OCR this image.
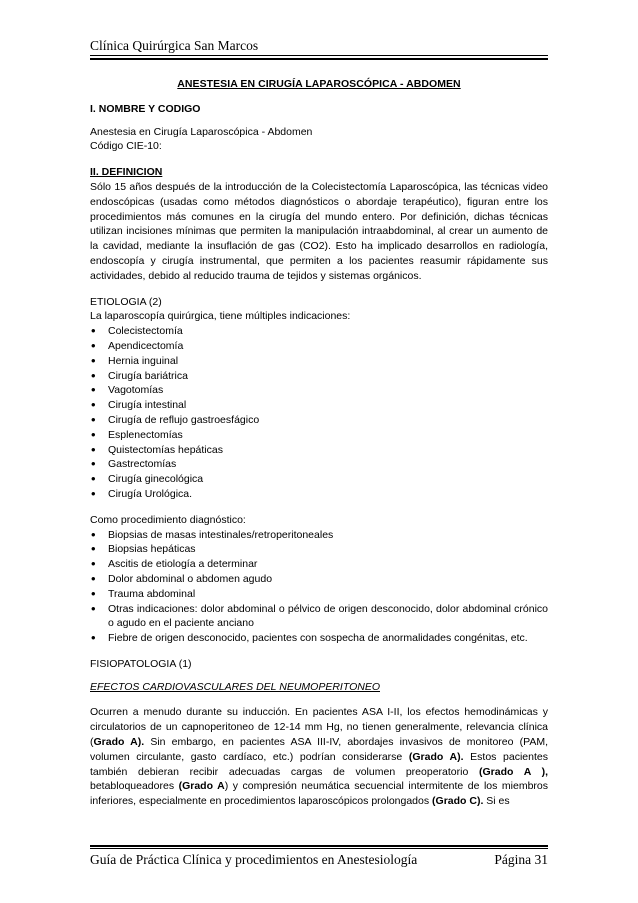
Clínica Quirúrgica San Marcos
ANESTESIA EN CIRUGÍA LAPAROSCÓPICA - ABDOMEN
I. NOMBRE Y CODIGO

Anestesia en Cirugía Laparoscópica - Abdomen

Código CIE-10:

II. DEFINICION

Sólo 15 años después de la introducción de la Colecistectomía Laparoscópica, las técnicas video endoscópicas (usadas como métodos diagnósticos o abordaje terapéutico), figuran entre los procedimientos más comunes en la cirugía del mundo entero. Por definición, dichas técnicas utilizan incisiones mínimas que permiten la manipulación intraabdominal, al crear un aumento de la cavidad, mediante la insuflación de gas (CO2). Esto ha implicado desarrollos en radiología, endoscopía y cirugía instrumental, que permiten a los pacientes reasumir rápidamente sus actividades, debido al reducido trauma de tejidos y sistemas orgánicos.

ETIOLOGIA (2)

La laparoscopía quirúrgica, tiene múltiples indicaciones:

• Colecistectomía
• Apendicectomía
• Hernia inguinal
• Cirugía bariátrica
• Vagotomías
• Cirugía intestinal
• Cirugía de reflujo gastroesfágico
• Esplenectomías
• Quistectomías hepáticas
• Gastrectomías
• Cirugía ginecológica
• Cirugía Urológica.

Como procedimiento diagnóstico:

• Biopsias de masas intestinales/retroperitoneales
• Biopsias hepáticas
• Ascitis de etiología a determinar
• Dolor abdominal o abdomen agudo
• Trauma abdominal
• Otras indicaciones: dolor abdominal o pélvico de origen desconocido, dolor abdominal crónico o agudo en el paciente anciano
• Fiebre de origen desconocido, pacientes con sospecha de anormalidades congénitas, etc.

FISIOPATOLOGIA (1)

EFECTOS CARDIOVASCULARES DEL NEUMOPERITONEO

Ocurren a menudo durante su inducción. En pacientes ASA I-II, los efectos hemodinámicas y circulatorios de un capnoperitoneo de 12-14 mm Hg, no tienen generalmente, relevancia clínica (Grado A). Sin embargo, en pacientes ASA III-IV, abordajes invasivos de monitoreo (PAM, volumen circulante, gasto cardíaco, etc.) podrían considerarse (Grado A). Estos pacientes también debieran recibir adecuadas cargas de volumen preoperatorio (Grado A ), betabloqueadores (Grado A) y compresión neumática secuencial intermitente de los miembros inferiores, especialmente en procedimientos laparoscópicos prolongados (Grado C). Si es

Guía de Práctica Clínica y procedimientos en Anestesiología	Página 31
